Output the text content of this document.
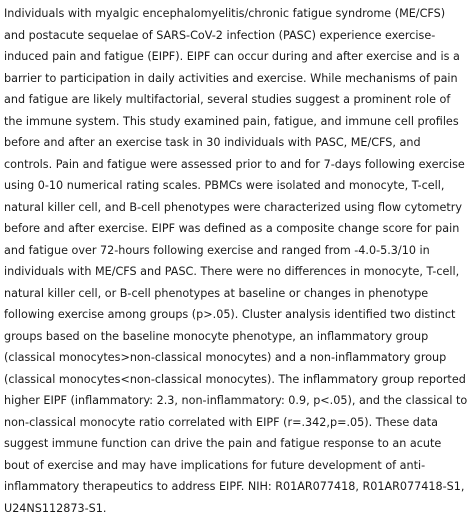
Individuals with myalgic encephalomyelitis/chronic fatigue syndrome (ME/CFS)
and postacute sequelae of SARS-CoV-2 infection (PASC) experience exercise-
induced pain and fatigue (EIPF). EIPF can occur during and after exercise and is a
barrier to participation in daily activities and exercise. While mechanisms of pain
and fatigue are likely multifactorial, several studies suggest a prominent role of
the immune system. This study examined pain, fatigue, and immune cell profiles
before and after an exercise task in 30 individuals with PASC, ME/CFS, and
controls. Pain and fatigue were assessed prior to and for 7-days following exercise
using 0-10 numerical rating scales. PBMCs were isolated and monocyte, T-cell,
natural killer cell, and B-cell phenotypes were characterized using flow cytometry
before and after exercise. EIPF was defined as a composite change score for pain
and fatigue over 72-hours following exercise and ranged from -4.0-5.3/10 in
individuals with ME/CFS and PASC. There were no differences in monocyte, T-cell,
natural killer cell, or B-cell phenotypes at baseline or changes in phenotype
following exercise among groups (p>.05). Cluster analysis identified two distinct
groups based on the baseline monocyte phenotype, an inflammatory group
(classical monocytes>non-classical monocytes) and a non-inflammatory group
(classical monocytes<non-classical monocytes). The inflammatory group reported
higher EIPF (inflammatory: 2.3, non-inflammatory: 0.9, p<.05), and the classical to
non-classical monocyte ratio correlated with EIPF (r=.342,p=.05). These data
suggest immune function can drive the pain and fatigue response to an acute
bout of exercise and may have implications for future development of anti-
inflammatory therapeutics to address EIPF. NIH: R01AR077418, R01AR077418-S1,
U24NS112873-S1.
